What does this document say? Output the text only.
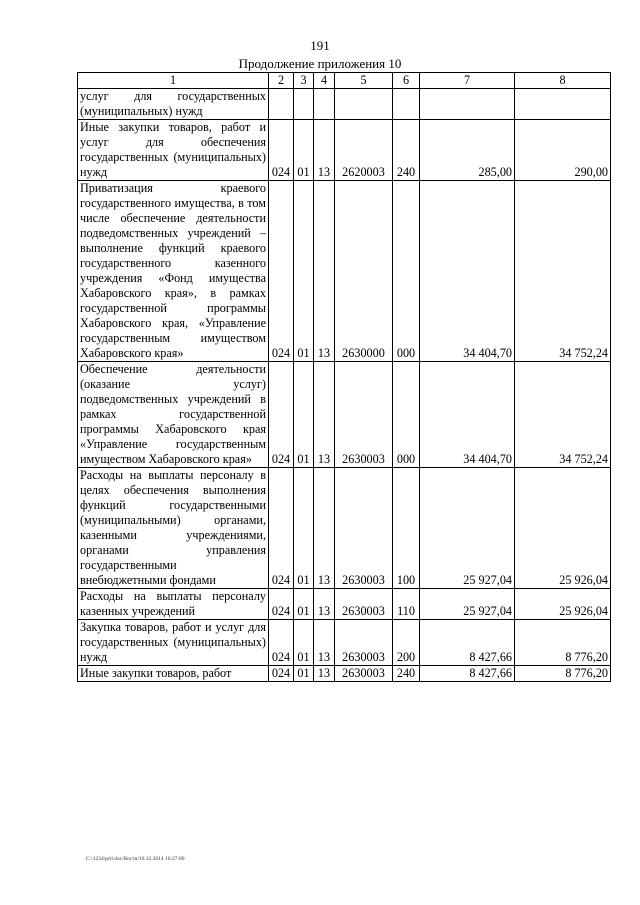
191
Продолжение приложения 10
1	2	3	4	5	6	7	8
услуг для государственных (муниципальных) нужд							
Иные закупки товаров, работ и услуг для обеспечения государственных (муниципальных) нужд	024	01	13	2620003	240	285,00	290,00
Приватизация краевого государственного имущества, в том числе обеспечение деятельности подведомственных учреждений – выполнение функций краевого государственного казенного учреждения «Фонд имущества Хабаровского края», в рамках государственной программы Хабаровского края, «Управление государственным имуществом Хабаровского края»	024	01	13	2630000	000	34 404,70	34 752,24
Обеспечение деятельности (оказание услуг) подведомственных учреждений в рамках государственной программы Хабаровского края «Управление государственным имуществом Хабаровского края»	024	01	13	2630003	000	34 404,70	34 752,24
Расходы на выплаты персоналу в целях обеспечения выполнения функций государственными (муниципальными) органами, казенными учреждениями, органами управления государственными внебюджетными фондами	024	01	13	2630003	100	25 927,04	25 926,04
Расходы на выплаты персоналу казенных учреждений	024	01	13	2630003	110	25 927,04	25 926,04
Закупка товаров, работ и услуг для государственных (муниципальных) нужд	024	01	13	2630003	200	8 427,66	8 776,20
Иные закупки товаров, работ	024	01	13	2630003	240	8 427,66	8 776,20
C:\1234\pril.doc/Костя/16.12.2014 16:27:00
